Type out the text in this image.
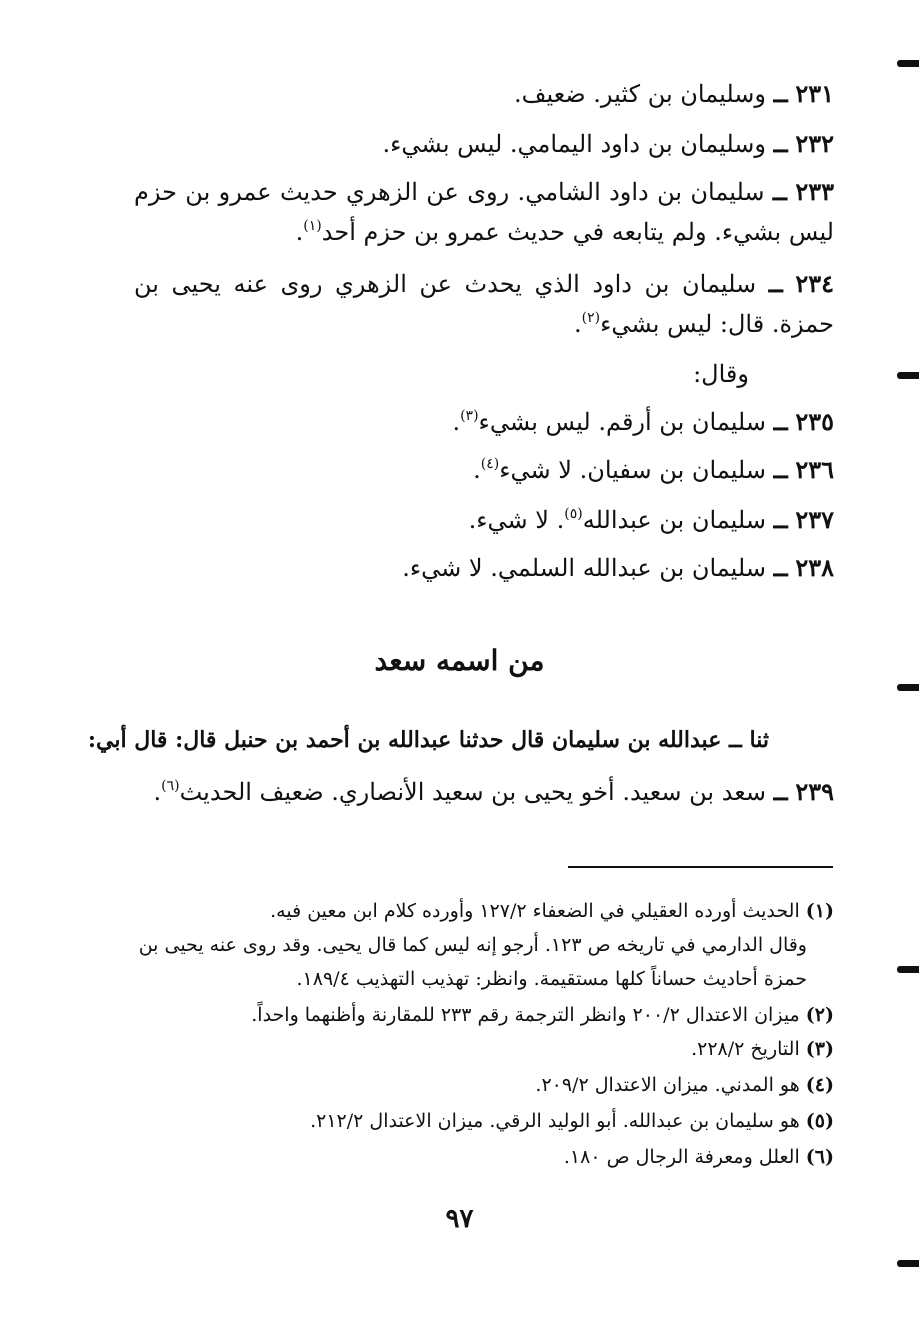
٢٣١ ــ وسليمان بن كثير. ضعيف.
٢٣٢ ــ وسليمان بن داود اليمامي. ليس بشيء.
٢٣٣ ــ سليمان بن داود الشامي. روى عن الزهري حديث عمرو بن حزم ليس بشيء. ولم يتابعه في حديث عمرو بن حزم أحد$^{(١)}$.
٢٣٤ ــ سليمان بن داود الذي يحدث عن الزهري روى عنه يحيى بن حمزة. قال: ليس بشيء$^{(٢)}$.
وقال:
٢٣٥ ــ سليمان بن أرقم. ليس بشيء$^{(٣)}$.
٢٣٦ ــ سليمان بن سفيان. لا شيء$^{(٤)}$.
٢٣٧ ــ سليمان بن عبدالله$^{(٥)}$. لا شيء.
٢٣٨ ــ سليمان بن عبدالله السلمي. لا شيء.
من اسمه سعد
ثنا ــ عبدالله بن سليمان قال حدثنا عبدالله بن أحمد بن حنبل قال: قال أبي:
٢٣٩ ــ سعد بن سعيد. أخو يحيى بن سعيد الأنصاري. ضعيف الحديث$^{(٦)}$.
(١) الحديث أورده العقيلي في الضعفاء ١٢٧/٢ وأورده كلام ابن معين فيه.
وقال الدارمي في تاريخه ص ١٢٣. أرجو إنه ليس كما قال يحيى. وقد روى عنه يحيى بن
حمزة أحاديث حساناً كلها مستقيمة. وانظر: تهذيب التهذيب ١٨٩/٤.
(٢) ميزان الاعتدال ٢٠٠/٢ وانظر الترجمة رقم ٢٣٣ للمقارنة وأظنهما واحداً.
(٣) التاريخ ٢٢٨/٢.
(٤) هو المدني. ميزان الاعتدال ٢٠٩/٢.
(٥) هو سليمان بن عبدالله. أبو الوليد الرقي. ميزان الاعتدال ٢١٢/٢.
(٦) العلل ومعرفة الرجال ص ١٨٠.
٩٧
